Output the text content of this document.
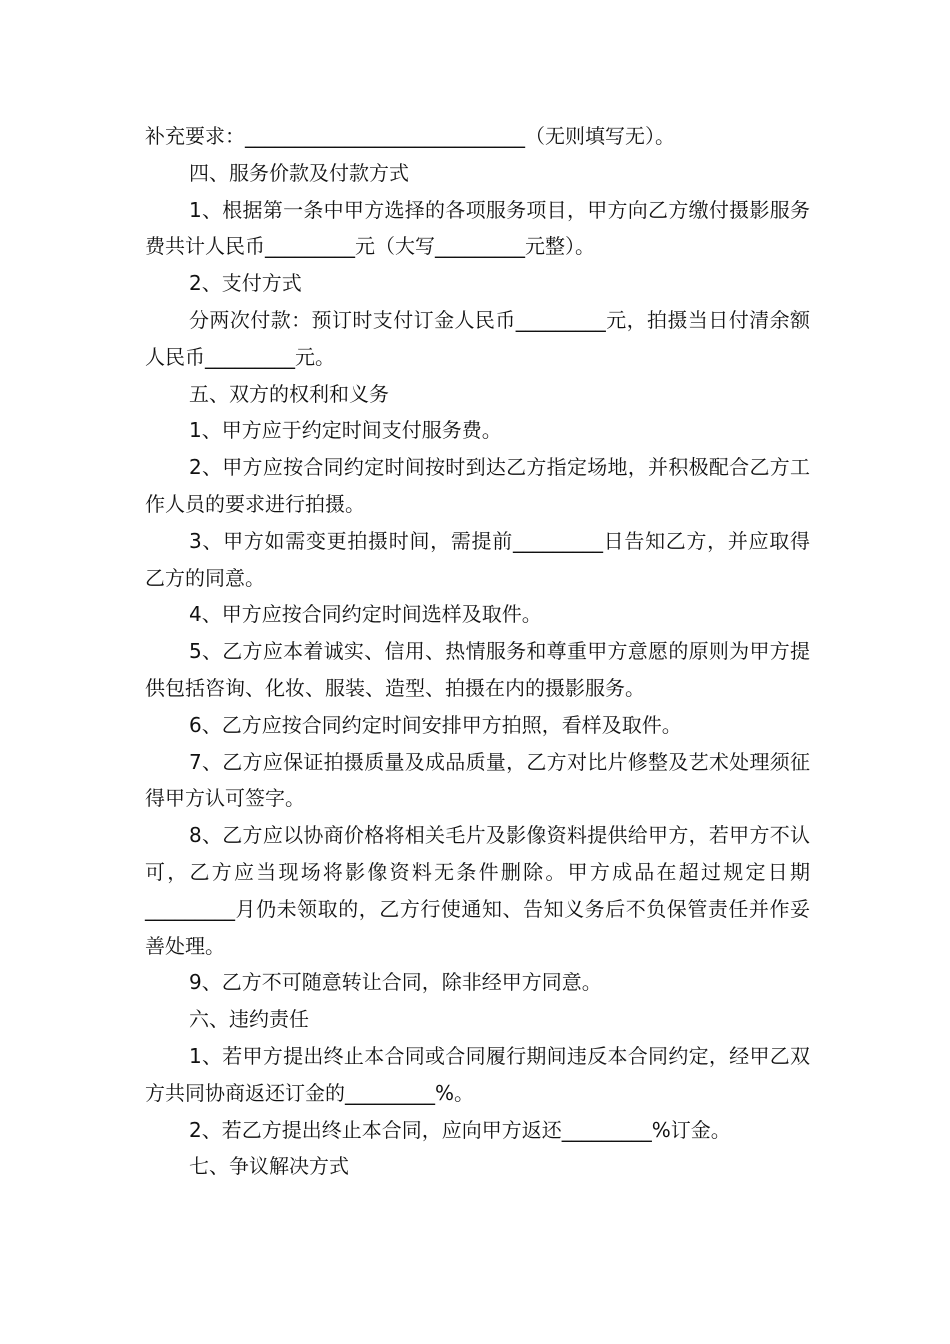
补充要求：____________________________（无则填写无）。

四、服务价款及付款方式

1、根据第一条中甲方选择的各项服务项目，甲方向乙方缴付摄影服务费共计人民币_________元（大写_________元整）。

2、支付方式

分两次付款：预订时支付订金人民币_________元，拍摄当日付清余额人民币_________元。

五、双方的权利和义务

1、甲方应于约定时间支付服务费。

2、甲方应按合同约定时间按时到达乙方指定场地，并积极配合乙方工作人员的要求进行拍摄。

3、甲方如需变更拍摄时间，需提前_________日告知乙方，并应取得乙方的同意。

4、甲方应按合同约定时间选样及取件。

5、乙方应本着诚实、信用、热情服务和尊重甲方意愿的原则为甲方提供包括咨询、化妆、服装、造型、拍摄在内的摄影服务。

6、乙方应按合同约定时间安排甲方拍照，看样及取件。

7、乙方应保证拍摄质量及成品质量，乙方对比片修整及艺术处理须征得甲方认可签字。

8、乙方应以协商价格将相关毛片及影像资料提供给甲方，若甲方不认可，乙方应当现场将影像资料无条件删除。甲方成品在超过规定日期_________月仍未领取的，乙方行使通知、告知义务后不负保管责任并作妥善处理。

9、乙方不可随意转让合同，除非经甲方同意。

六、违约责任

1、若甲方提出终止本合同或合同履行期间违反本合同约定，经甲乙双方共同协商返还订金的_________%。

2、若乙方提出终止本合同，应向甲方返还_________%订金。

七、争议解决方式
